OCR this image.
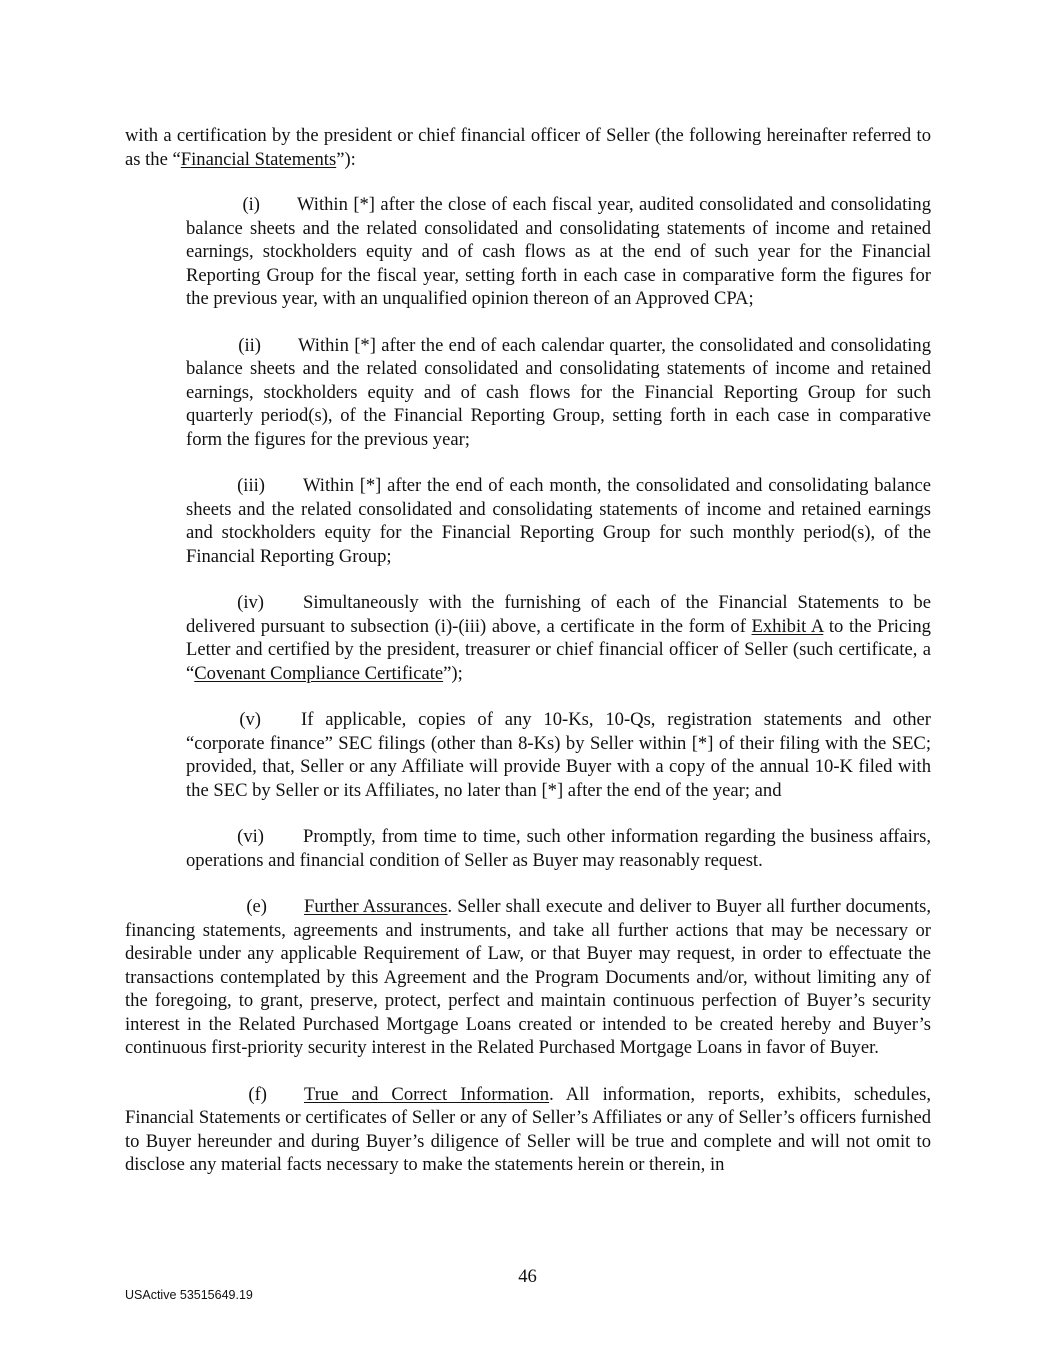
with a certification by the president or chief financial officer of Seller (the following hereinafter referred to as the “Financial Statements”):

(i) Within [*] after the close of each fiscal year, audited consolidated and consolidating balance sheets and the related consolidated and consolidating statements of income and retained earnings, stockholders equity and of cash flows as at the end of such year for the Financial Reporting Group for the fiscal year, setting forth in each case in comparative form the figures for the previous year, with an unqualified opinion thereon of an Approved CPA;

(ii) Within [*] after the end of each calendar quarter, the consolidated and consolidating balance sheets and the related consolidated and consolidating statements of income and retained earnings, stockholders equity and of cash flows for the Financial Reporting Group for such quarterly period(s), of the Financial Reporting Group, setting forth in each case in comparative form the figures for the previous year;

(iii) Within [*] after the end of each month, the consolidated and consolidating balance sheets and the related consolidated and consolidating statements of income and retained earnings and stockholders equity for the Financial Reporting Group for such monthly period(s), of the Financial Reporting Group;

(iv) Simultaneously with the furnishing of each of the Financial Statements to be delivered pursuant to subsection (i)-(iii) above, a certificate in the form of Exhibit A to the Pricing Letter and certified by the president, treasurer or chief financial officer of Seller (such certificate, a “Covenant Compliance Certificate”);

(v) If applicable, copies of any 10-Ks, 10-Qs, registration statements and other “corporate finance” SEC filings (other than 8-Ks) by Seller within [*] of their filing with the SEC; provided, that, Seller or any Affiliate will provide Buyer with a copy of the annual 10-K filed with the SEC by Seller or its Affiliates, no later than [*] after the end of the year; and

(vi) Promptly, from time to time, such other information regarding the business affairs, operations and financial condition of Seller as Buyer may reasonably request.

(e) Further Assurances. Seller shall execute and deliver to Buyer all further documents, financing statements, agreements and instruments, and take all further actions that may be necessary or desirable under any applicable Requirement of Law, or that Buyer may request, in order to effectuate the transactions contemplated by this Agreement and the Program Documents and/or, without limiting any of the foregoing, to grant, preserve, protect, perfect and maintain continuous perfection of Buyer’s security interest in the Related Purchased Mortgage Loans created or intended to be created hereby and Buyer’s continuous first-priority security interest in the Related Purchased Mortgage Loans in favor of Buyer.

(f) True and Correct Information. All information, reports, exhibits, schedules, Financial Statements or certificates of Seller or any of Seller’s Affiliates or any of Seller’s officers furnished to Buyer hereunder and during Buyer’s diligence of Seller will be true and complete and will not omit to disclose any material facts necessary to make the statements herein or therein, in

46
USActive 53515649.19
